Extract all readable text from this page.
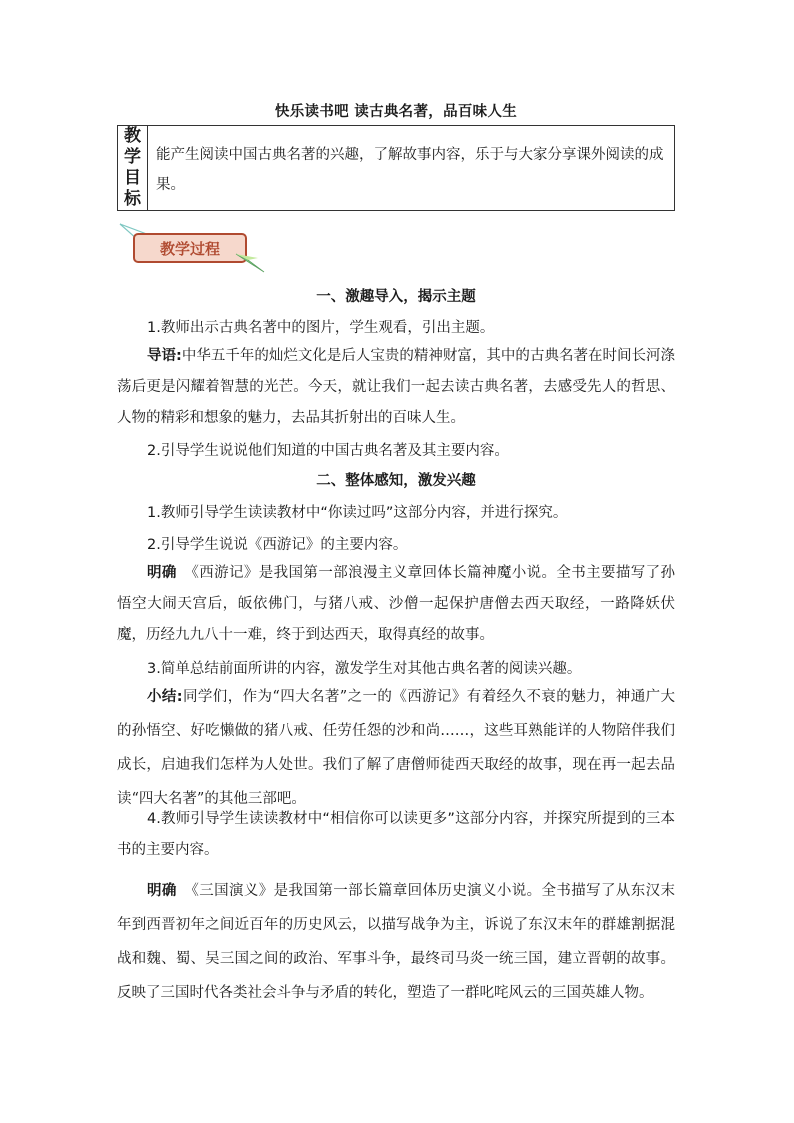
快乐读书吧 读古典名著，品百味人生
教学目标
能产生阅读中国古典名著的兴趣，了解故事内容，乐于与大家分享课外阅读的成果。
教学过程
一、激趣导入，揭示主题
1.教师出示古典名著中的图片，学生观看，引出主题。
导语:中华五千年的灿烂文化是后人宝贵的精神财富，其中的古典名著在时间长河涤荡后更是闪耀着智慧的光芒。今天，就让我们一起去读古典名著，去感受先人的哲思、人物的精彩和想象的魅力，去品其折射出的百味人生。
2.引导学生说说他们知道的中国古典名著及其主要内容。
二、整体感知，激发兴趣
1.教师引导学生读读教材中“你读过吗”这部分内容，并进行探究。
2.引导学生说说《西游记》的主要内容。
明确　 《西游记》是我国第一部浪漫主义章回体长篇神魔小说。全书主要描写了孙悟空大闹天宫后，皈依佛门，与猪八戒、沙僧一起保护唐僧去西天取经，一路降妖伏魔，历经九九八十一难，终于到达西天，取得真经的故事。
3.简单总结前面所讲的内容，激发学生对其他古典名著的阅读兴趣。
小结:同学们，作为“四大名著”之一的《西游记》有着经久不衰的魅力，神通广大的孙悟空、好吃懒做的猪八戒、任劳任怨的沙和尚……，这些耳熟能详的人物陪伴我们成长，启迪我们怎样为人处世。我们了解了唐僧师徒西天取经的故事，现在再一起去品读“四大名著”的其他三部吧。
4.教师引导学生读读教材中“相信你可以读更多”这部分内容，并探究所提到的三本书的主要内容。
明确　 《三国演义》是我国第一部长篇章回体历史演义小说。全书描写了从东汉末年到西晋初年之间近百年的历史风云，以描写战争为主，诉说了东汉末年的群雄割据混战和魏、蜀、吴三国之间的政治、军事斗争，最终司马炎一统三国，建立晋朝的故事。反映了三国时代各类社会斗争与矛盾的转化，塑造了一群叱咤风云的三国英雄人物。
